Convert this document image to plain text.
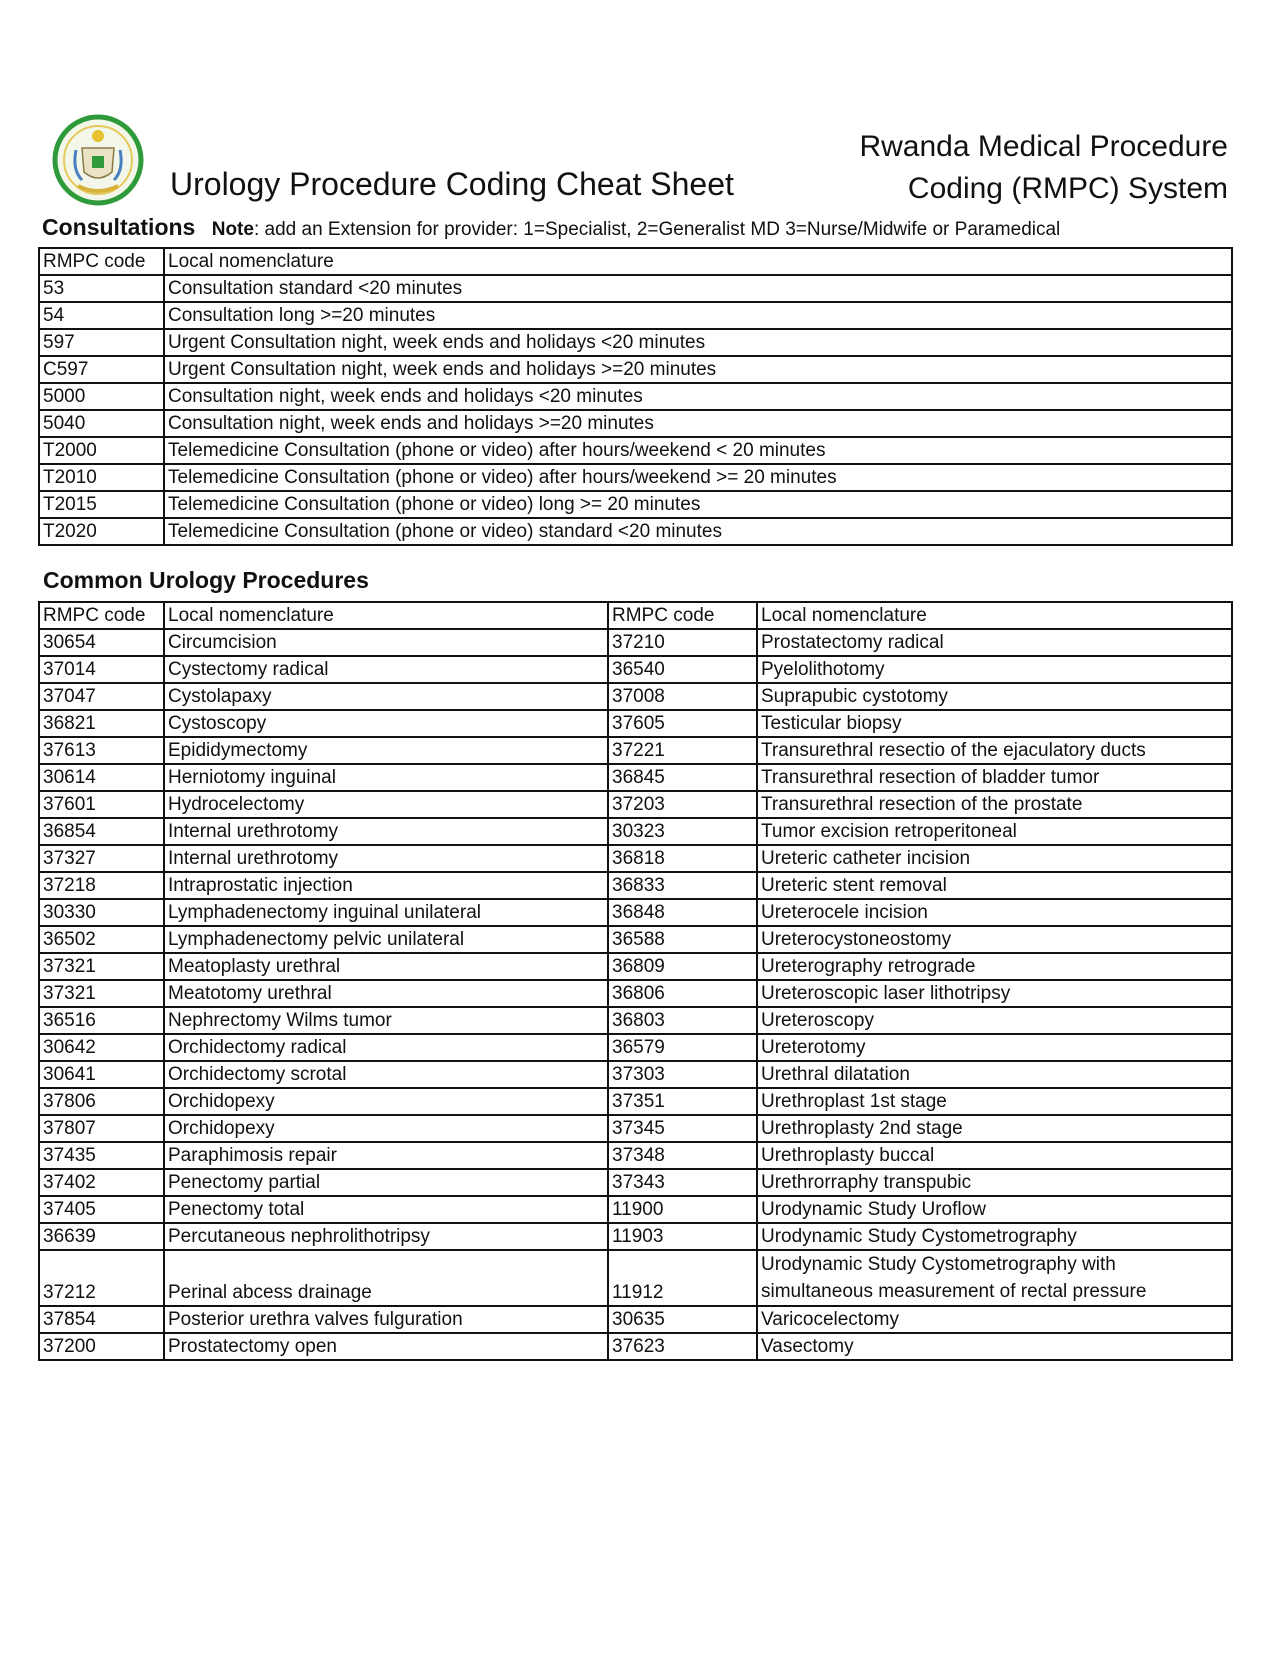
Urology Procedure Coding Cheat Sheet
Rwanda Medical Procedure
Coding (RMPC) System
Consultations Note: add an Extension for provider: 1=Specialist, 2=Generalist MD 3=Nurse/Midwife or Paramedical
RMPC code	Local nomenclature
53	Consultation standard <20 minutes
54	Consultation long >=20 minutes
597	Urgent Consultation night, week ends and holidays <20 minutes
C597	Urgent Consultation night, week ends and holidays >=20 minutes
5000	Consultation night, week ends and holidays <20 minutes
5040	Consultation night, week ends and holidays >=20 minutes
T2000	Telemedicine Consultation (phone or video) after hours/weekend < 20 minutes
T2010	Telemedicine Consultation (phone or video) after hours/weekend >= 20 minutes
T2015	Telemedicine Consultation (phone or video) long >= 20 minutes
T2020	Telemedicine Consultation (phone or video) standard <20 minutes
Common Urology Procedures
RMPC code	Local nomenclature	RMPC code	Local nomenclature
30654	Circumcision	37210	Prostatectomy radical
37014	Cystectomy radical	36540	Pyelolithotomy
37047	Cystolapaxy	37008	Suprapubic cystotomy
36821	Cystoscopy	37605	Testicular biopsy
37613	Epididymectomy	37221	Transurethral resectio of the ejaculatory ducts
30614	Herniotomy inguinal	36845	Transurethral resection of bladder tumor
37601	Hydrocelectomy	37203	Transurethral resection of the prostate
36854	Internal urethrotomy	30323	Tumor excision retroperitoneal
37327	Internal urethrotomy	36818	Ureteric catheter incision
37218	Intraprostatic injection	36833	Ureteric stent removal
30330	Lymphadenectomy inguinal unilateral	36848	Ureterocele incision
36502	Lymphadenectomy pelvic unilateral	36588	Ureterocystoneostomy
37321	Meatoplasty urethral	36809	Ureterography retrograde
37321	Meatotomy urethral	36806	Ureteroscopic laser lithotripsy
36516	Nephrectomy Wilms tumor	36803	Ureteroscopy
30642	Orchidectomy radical	36579	Ureterotomy
30641	Orchidectomy scrotal	37303	Urethral dilatation
37806	Orchidopexy	37351	Urethroplast 1st stage
37807	Orchidopexy	37345	Urethroplasty 2nd stage
37435	Paraphimosis repair	37348	Urethroplasty buccal
37402	Penectomy partial	37343	Urethrorraphy transpubic
37405	Penectomy total	11900	Urodynamic Study Uroflow
36639	Percutaneous nephrolithotripsy	11903	Urodynamic Study Cystometrography
37212	Perinal abcess drainage	11912	Urodynamic Study Cystometrography with simultaneous measurement of rectal pressure
37854	Posterior urethra valves fulguration	30635	Varicocelectomy
37200	Prostatectomy open	37623	Vasectomy
